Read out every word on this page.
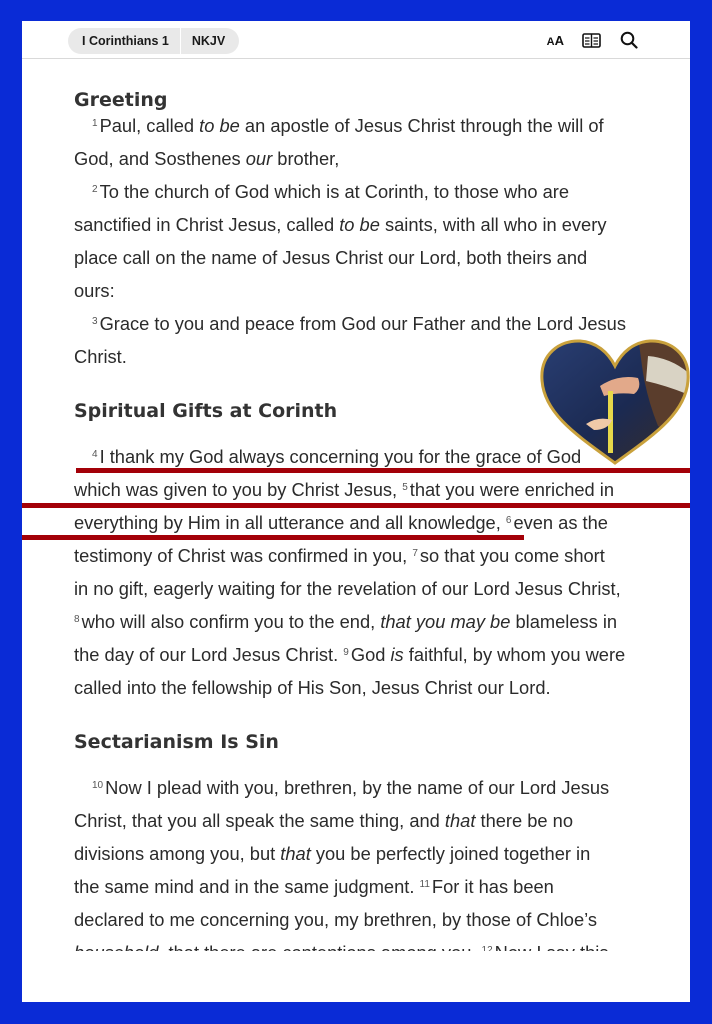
Greeting
$^1$ Paul, called to be an apostle of Jesus Christ through the will of
God, and Sosthenes our brother,
$^2$ To the church of God which is at Corinth, to those who are
sanctified in Christ Jesus, called to be saints, with all who in every
place call on the name of Jesus Christ our Lord, both theirs and
ours:
$^3$ Grace to you and peace from God our Father and the Lord Jesus
Christ.
Spiritual Gifts at Corinth
$^4$ I thank my God always concerning you for the grace of God
which was given to you by Christ Jesus, $^5$ that you were enriched in
everything by Him in all utterance and all knowledge, $^6$ even as the
testimony of Christ was confirmed in you, $^7$ so that you come short
in no gift, eagerly waiting for the revelation of our Lord Jesus Christ,
$^8$ who will also confirm you to the end, that you may be blameless in
the day of our Lord Jesus Christ. $^9$ God is faithful, by whom you were
called into the fellowship of His Son, Jesus Christ our Lord.
Sectarianism Is Sin
$^{10}$ Now I plead with you, brethren, by the name of our Lord Jesus
Christ, that you all speak the same thing, and that there be no
divisions among you, but that you be perfectly joined together in
the same mind and in the same judgment. $^{11}$ For it has been
declared to me concerning you, my brethren, by those of Chloe’s
I Corinthians 1	NKJV	AA
